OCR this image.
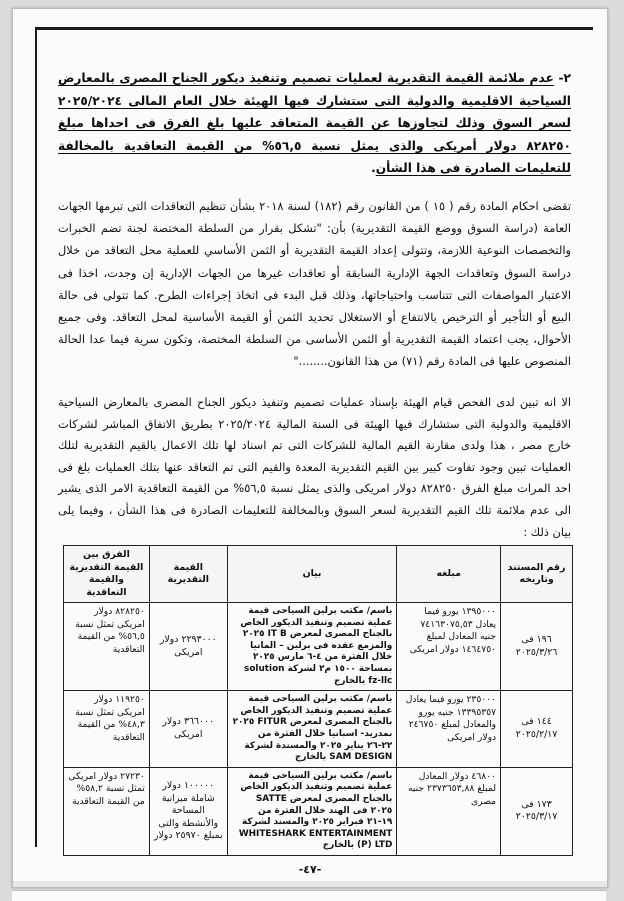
٢- عدم ملائمة القيمة التقديرية لعمليات تصميم وتنفيذ ديكور الجناح المصرى بالمعارض السياحية الاقليمية والدولية التى ستشارك فيها الهيئة خلال العام المالى ٢٠٢٥/٢٠٢٤ لسعر السوق وذلك لتجاوزها عن القيمة المتعاقد عليها بلغ الفرق فى احداها مبلغ ٨٢٨٢٥٠ دولار أمريكى والذى يمثل نسبة ٥٦,٥% من القيمة التعاقدية بالمخالفة للتعليمات الصادرة فى هذا الشأن.
تقضى احكام المادة رقم ( ١٥ ) من القانون رقم (١٨٢) لسنة ٢٠١٨ بشأن تنظيم التعاقدات التى تبرمها الجهات العامة (دراسة السوق ووضع القيمة التقديرية) بأن: "تشكل بقرار من السلطة المختصة لجنة تضم الخبرات والتخصصات النوعية اللازمة، وتتولى إعداد القيمة التقديرية أو الثمن الأساسي للعملية محل التعاقد من خلال دراسة السوق وتعاقدات الجهة الإدارية السابقة أو تعاقدات غيرها من الجهات الإدارية إن وجدت، اخذا فى الاعتبار المواصفات التى تتناسب واحتياجاتها، وذلك قبل البدء فى اتخاذ إجراءات الطرح. كما تتولى فى حالة البيع أو التأجير أو الترخيص بالانتفاع أو الاستغلال تحديد الثمن أو القيمة الأساسية لمحل التعاقد. وفى جميع الأحوال، يجب اعتماد القيمة التقديرية أو الثمن الأساسى من السلطة المختصة، وتكون سرية فيما عدا الحالة المنصوص عليها فى المادة رقم (٧١) من هذا القانون........"
الا انه تبين لدى الفحص قيام الهيئة بإسناد عمليات تصميم وتنفيذ ديكور الجناح المصرى بالمعارض السياحية الاقليمية والدولية التى ستشارك فيها الهيئة فى السنة المالية ٢٠٢٥/٢٠٢٤ بطريق الاتفاق المباشر لشركات خارج مصر ، هذا ولدى مقارنة القيم المالية للشركات التى تم اسناد لها تلك الاعمال بالقيم التقديرية لتلك العمليات تبين وجود تفاوت كبير بين القيم التقديرية المعدة والقيم التى تم التعاقد عنها بتلك العمليات بلغ فى احد المرات مبلغ الفرق ٨٢٨٢٥٠ دولار امريكى والذى يمثل نسبة ٥٦,٥% من القيمة التعاقدية الامر الذى يشير الى عدم ملائمة تلك القيم التقديرية لسعر السوق وبالمخالفة للتعليمات الصادرة فى هذا الشأن ، وفيما يلى بيان ذلك :
رقم المستند وتاريخه	مبلغه	بيان	القيمة التقديرية	الفرق بين القيمة التقديرية والقيمة التعاقدية
١٩٦ فى ٢٠٢٥/٣/٢٦	١٣٩٥٠٠٠ يورو فيما يعادل ٧٤١٦٣٠٧٥,٥٣ جنيه المعادل لمبلغ ١٤٦٤٧٥٠ دولار امريكى	باسم/ مكتب برلين السياحى قيمة عملية تصميم وتنفيذ الديكور الخاص بالجناح المصرى لمعرض IT B ٢٠٢٥ والمزمع عقده فى برلين – المانيا خلال الفترة من ٤-٦ مارس ٢٠٢٥ بمساحة ١٥٠٠ م٢ لشركة solution fz-llc بالخارج	٢٢٩٣٠٠٠ دولار امريكى	٨٢٨٢٥٠ دولار امريكى تمثل نسبة ٥٦,٥% من القيمة التعاقدية
١٤٤ فى ٢٠٢٥/٢/١٧	٢٣٥٠٠٠ يورو فيما يعادل ١٣٣٩٥٣٥٧ جنيه يورو والمعادل لمبلغ ٢٤٦٧٥٠ دولار امريكى	باسم/ مكتب برلين السياحى قيمة عملية تصميم وتنفيذ الديكور الخاص بالجناح المصرى لمعرض FITUR ٢٠٢٥ بمدريد- اسبانيا خلال الفترة من ٢٢-٢٦ يناير ٢٠٢٥ والمسندة لشركة SAM DESIGN بالخارج	٣٦٦٠٠٠ دولار امريكى	١١٩٢٥٠ دولار امريكى تمثل نسبة ٤٨,٣% من القيمة التعاقدية
١٧٣ فى ٢٠٢٥/٣/١٧	٤٦٨٠٠ دولار المعادل لمبلغ ٢٣٧٣٦٥٣,٨٨ جنيه مصرى	باسم/ مكتب برلين السياحى قيمة عملية تصميم وتنفيذ الديكور الخاص بالجناح المصرى لمعرض SATTE ٢٠٢٥ فى الهند خلال الفترة من ١٩-٢١ فبراير ٢٠٢٥ والمسند لشركة WHITESHARK ENTERTAINMENT (P) LTD بالخارج	١٠٠٠٠٠ دولار شاملة ميزانية المساحة والأنشطة والتى بمبلغ ٢٥٩٧٠ دولار	٢٧٢٣٠ دولار امريكى تمثل نسبة ٥٨,٢% من القيمة التعاقدية
-٤٧-
